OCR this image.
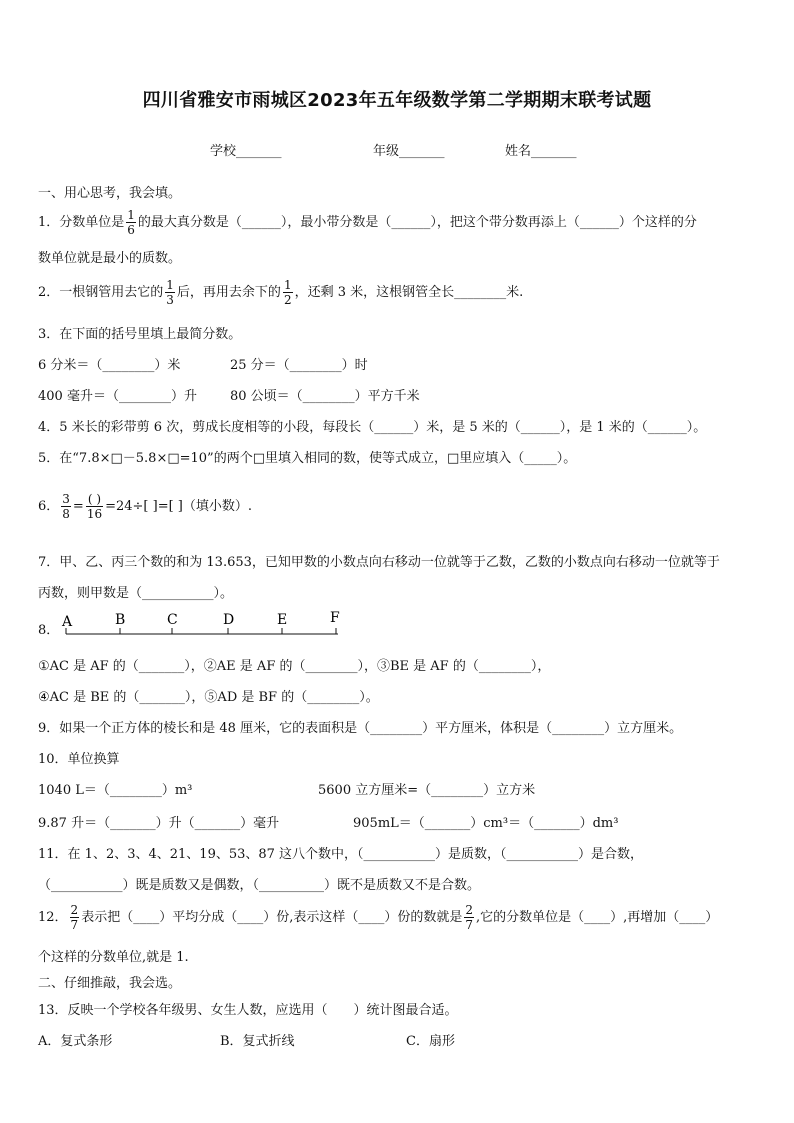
四川省雅安市雨城区2023年五年级数学第二学期期末联考试题
学校_______	年级_______	姓名_______
一、用心思考，我会填。
1．分数单位是 $\frac{1}{6}$ 的最大真分数是（______），最小带分数是（______），把这个带分数再添上（______）个这样的分
数单位就是最小的质数。
2．一根钢管用去它的 $\frac{1}{3}$ 后，再用去余下的 $\frac{1}{2}$ ，还剩 3 米，这根钢管全长________米.
3．在下面的括号里填上最简分数。
6 分米＝（________）米	25 分＝（________）时
400 毫升＝（________）升	80 公顷＝（________）平方千米
4．5 米长的彩带剪 6 次，剪成长度相等的小段，每段长（______）米，是 5 米的（______），是 1 米的（______）。
5．在“7.8×□－5.8×□=10”的两个□里填入相同的数，使等式成立，□里应填入（_____）。
6． $\frac{3}{8} = \frac{( )}{16} =24\div$[ ]=[ ]（填小数）.
7．甲、乙、丙三个数的和为 13.653，已知甲数的小数点向右移动一位就等于乙数，乙数的小数点向右移动一位就等于
丙数，则甲数是（___________）。
8．
A	B	C	D	E	F
①AC 是 AF 的（_______），②AE 是 AF 的（________），③BE 是 AF 的（________），
④AC 是 BE 的（_______），⑤AD 是 BF 的（________）。
9．如果一个正方体的棱长和是 48 厘米，它的表面积是（________）平方厘米，体积是（________）立方厘米。
10．单位换算
1040 L＝（________）m³	5600 立方厘米=（________）立方米
9.87 升＝（_______）升（_______）毫升	905mL＝（_______）cm³＝（_______）dm³
11．在 1、2、3、4、21、19、53、87 这八个数中，（___________）是质数，（___________）是合数，
（___________）既是质数又是偶数，（__________）既不是质数又不是合数。
12． $\frac{2}{7}$ 表示把（____）平均分成（____）份,表示这样（____）份的数就是 $\frac{2}{7}$ ,它的分数单位是（____）,再增加（____）
个这样的分数单位,就是 1.
二、仔细推敲，我会选。
13．反映一个学校各年级男、女生人数，应选用（　　）统计图最合适。
A．复式条形	B．复式折线	C．扇形
